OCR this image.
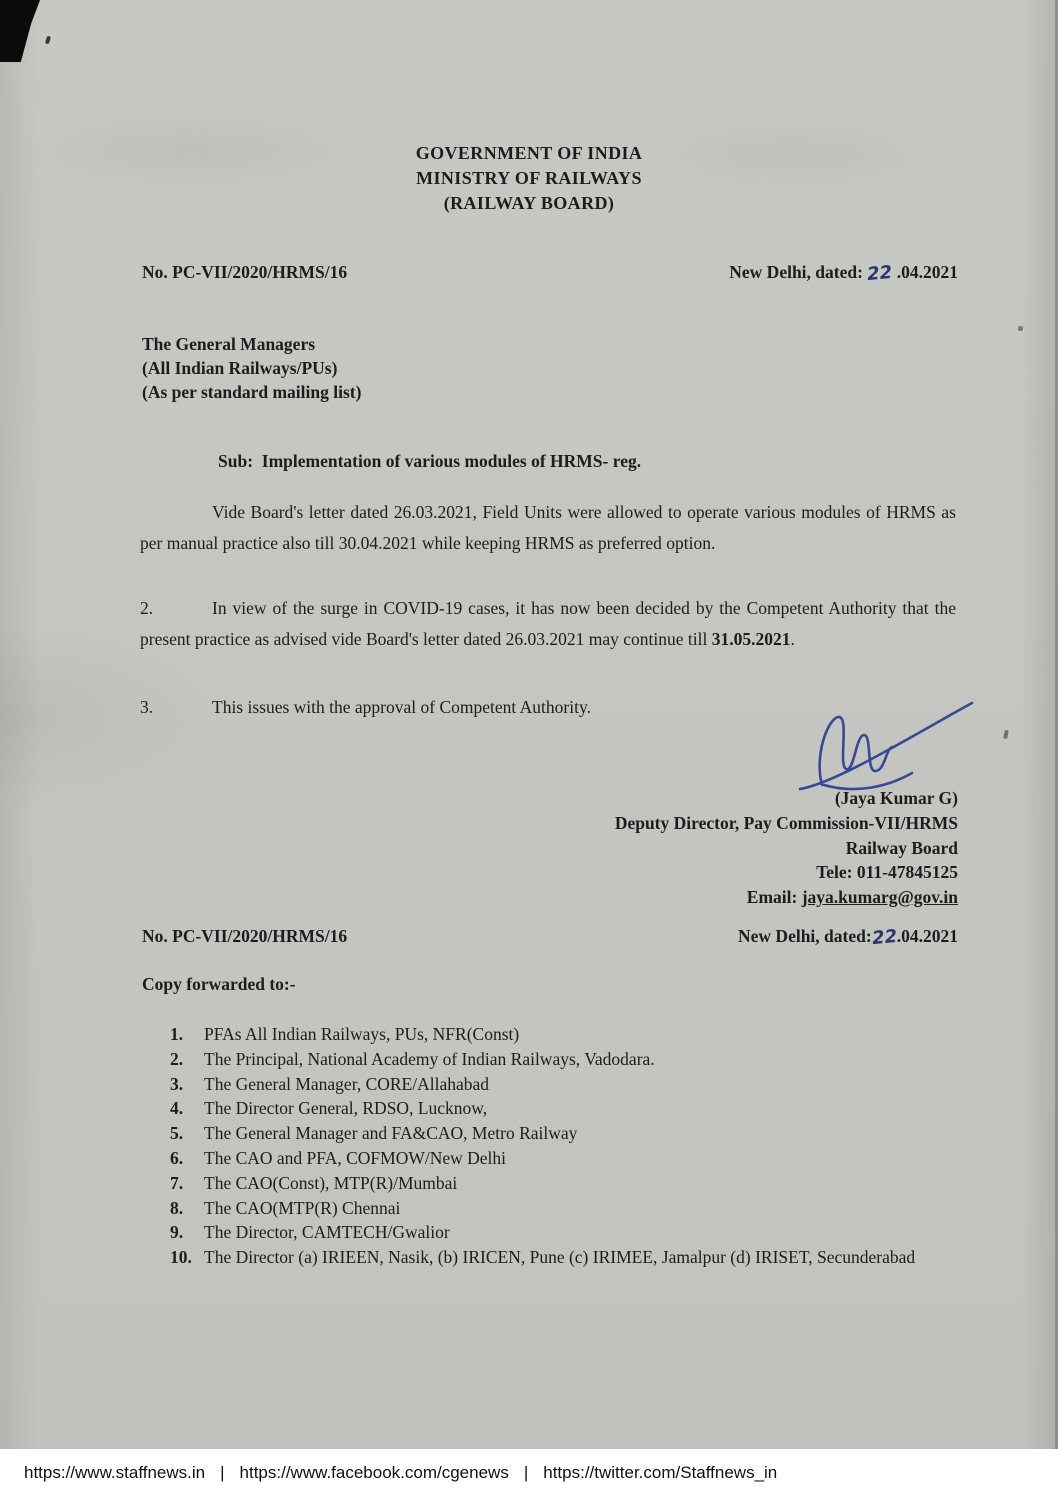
GOVERNMENT OF INDIA
MINISTRY OF RAILWAYS
(RAILWAY BOARD)
No. PC-VII/2020/HRMS/16	New Delhi, dated: 22 .04.2021
The General Managers
(All Indian Railways/PUs)
(As per standard mailing list)
Sub:  Implementation of various modules of HRMS- reg.
Vide Board's letter dated 26.03.2021, Field Units were allowed to operate various modules of HRMS as per manual practice also till 30.04.2021 while keeping HRMS as preferred option.
2.	In view of the surge in COVID-19 cases, it has now been decided by the Competent Authority that the present practice as advised vide Board's letter dated 26.03.2021 may continue till 31.05.2021.
3.	This issues with the approval of Competent Authority.
(Jaya Kumar G)
Deputy Director, Pay Commission-VII/HRMS
Railway Board
Tele: 011-47845125
Email: jaya.kumarg@gov.in
No. PC-VII/2020/HRMS/16	New Delhi, dated:22.04.2021
Copy forwarded to:-
1.	PFAs All Indian Railways, PUs, NFR(Const)
2.	The Principal, National Academy of Indian Railways, Vadodara.
3.	The General Manager, CORE/Allahabad
4.	The Director General, RDSO, Lucknow,
5.	The General Manager and FA&CAO, Metro Railway
6.	The CAO and PFA, COFMOW/New Delhi
7.	The CAO(Const), MTP(R)/Mumbai
8.	The CAO(MTP(R) Chennai
9.	The Director, CAMTECH/Gwalior
10. The Director (a) IRIEEN, Nasik, (b) IRICEN, Pune (c) IRIMEE, Jamalpur (d) IRISET, Secunderabad
https://www.staffnews.in | https://www.facebook.com/cgenews | https://twitter.com/Staffnews_in
